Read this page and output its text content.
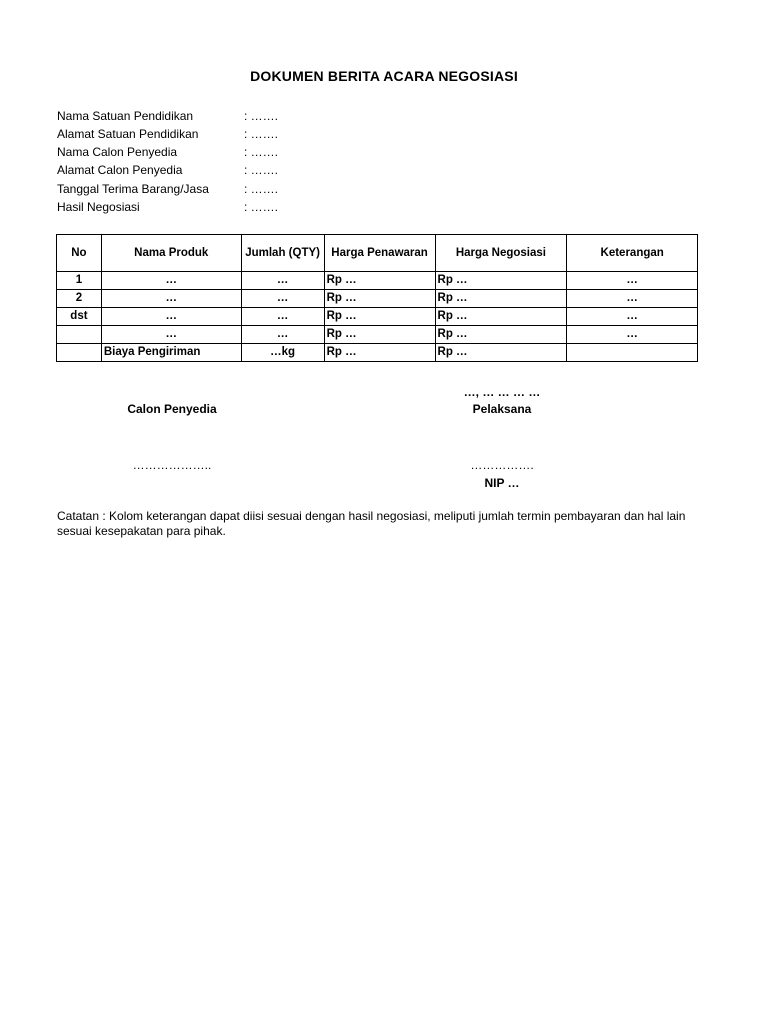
DOKUMEN BERITA ACARA NEGOSIASI
Nama Satuan Pendidikan	: …….
Alamat Satuan Pendidikan	: …….
Nama Calon Penyedia	: …….
Alamat Calon Penyedia	: …….
Tanggal Terima Barang/Jasa	: …….
Hasil Negosiasi	: …….
No	Nama Produk	Jumlah (QTY)	Harga Penawaran	Harga Negosiasi	Keterangan
1	…	…	Rp …	Rp …	…
2	…	…	Rp …	Rp …	…
dst	…	…	Rp …	Rp …	…
	…	…	Rp …	Rp …	…
	Biaya Pengiriman	…kg	Rp …	Rp …	
…, … … … …
Calon Penyedia	Pelaksana
………………..	…………….
NIP …
Catatan : Kolom keterangan dapat diisi sesuai dengan hasil negosiasi, meliputi jumlah termin pembayaran dan hal lain sesuai kesepakatan para pihak.
